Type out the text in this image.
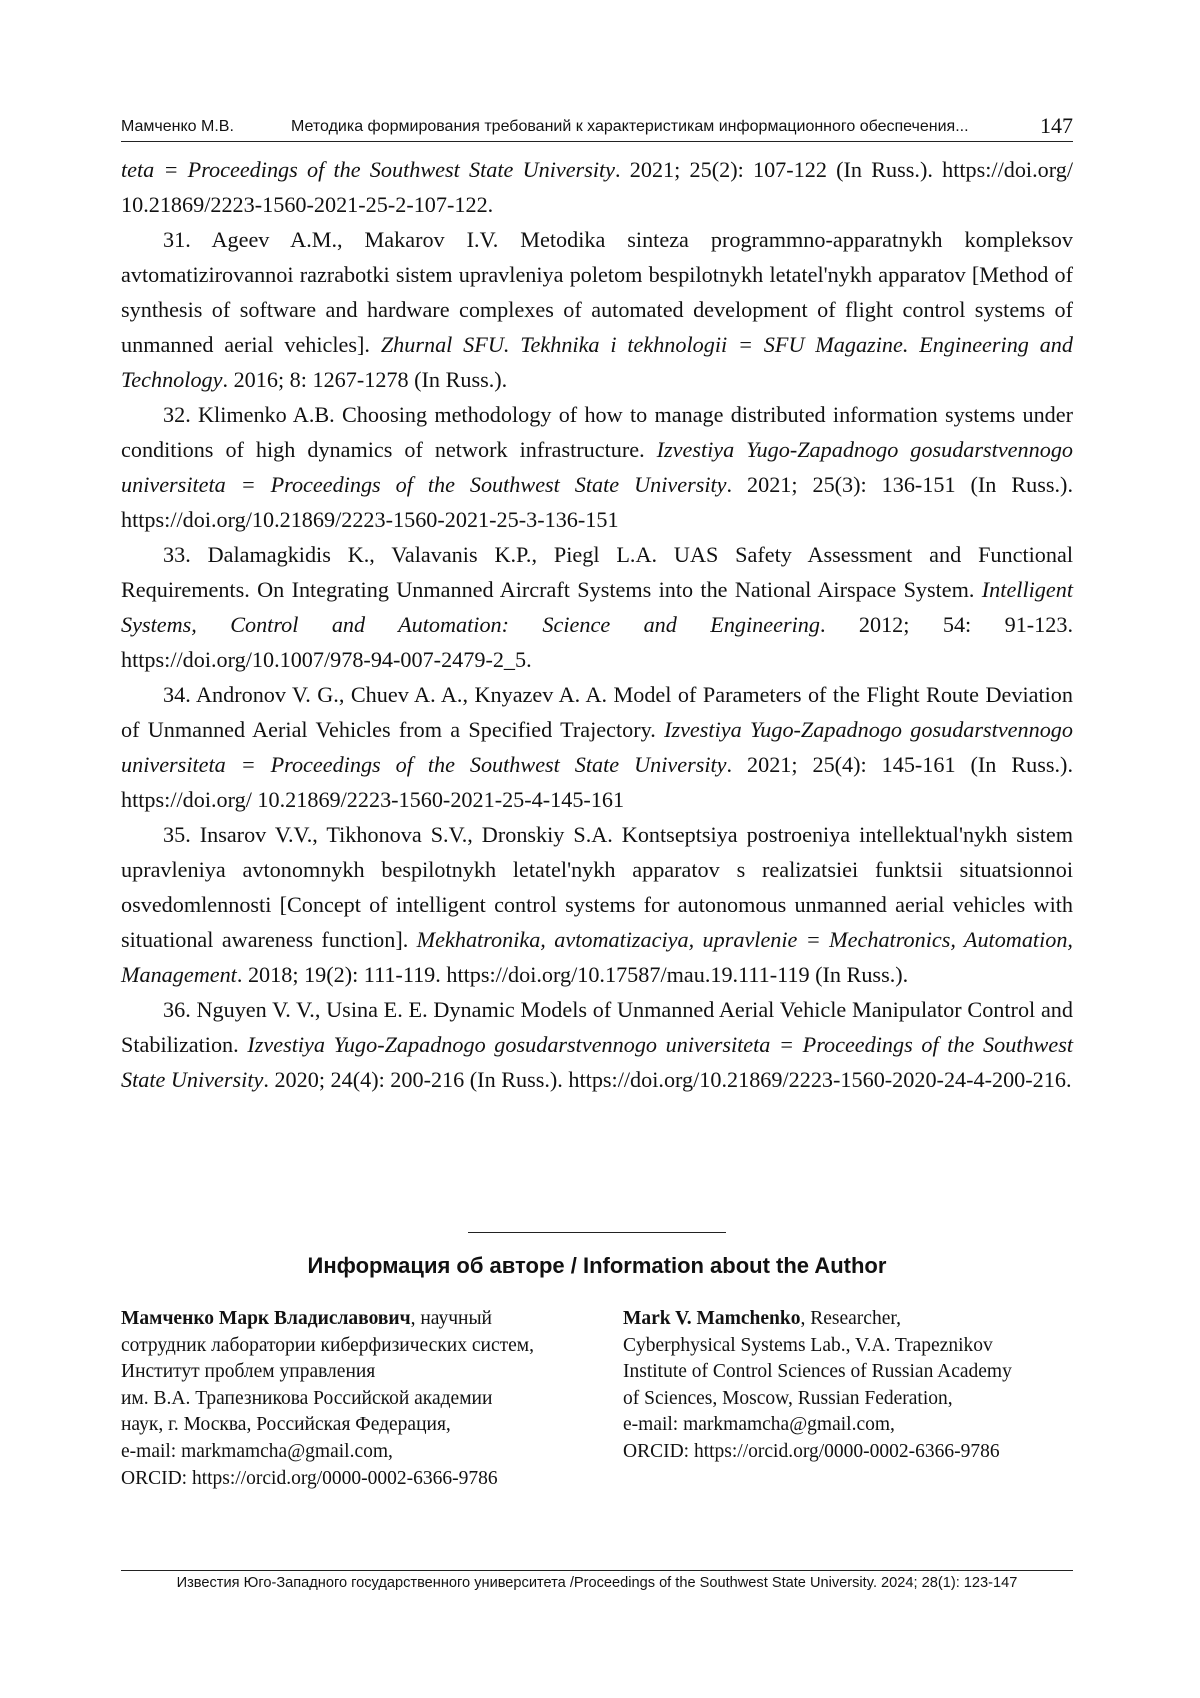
Мамченко М.В.	Методика формирования требований к характеристикам информационного обеспечения...	147

teta = Proceedings of the Southwest State University. 2021; 25(2): 107-122 (In Russ.). https://doi.org/ 10.21869/2223-1560-2021-25-2-107-122.

31. Ageev A.M., Makarov I.V. Metodika sinteza programmno-apparatnykh kompleksov avtomatizirovannoi razrabotki sistem upravleniya poletom bespilotnykh letatel'nykh apparatov [Method of synthesis of software and hardware complexes of automated development of flight control systems of unmanned aerial vehicles]. Zhurnal SFU. Tekhnika i tekhnologii = SFU Magazine. Engineering and Technology. 2016; 8: 1267-1278 (In Russ.).

32. Klimenko A.B. Choosing methodology of how to manage distributed information systems under conditions of high dynamics of network infrastructure. Izvestiya Yugo-Zapadnogo gosudarstvennogo universiteta = Proceedings of the Southwest State University. 2021; 25(3): 136-151 (In Russ.). https://doi.org/10.21869/2223-1560-2021-25-3-136-151

33. Dalamagkidis K., Valavanis K.P., Piegl L.A. UAS Safety Assessment and Functional Requirements. On Integrating Unmanned Aircraft Systems into the National Airspace System. Intelligent Systems, Control and Automation: Science and Engineering. 2012; 54: 91-123. https://doi.org/10.1007/978-94-007-2479-2_5.

34. Andronov V. G., Chuev A. A., Knyazev A. A. Model of Parameters of the Flight Route Deviation of Unmanned Aerial Vehicles from a Specified Trajectory. Izvestiya Yugo-Zapadnogo gosudarstvennogo universiteta = Proceedings of the Southwest State University. 2021; 25(4): 145-161 (In Russ.). https://doi.org/ 10.21869/2223-1560-2021-25-4-145-161

35. Insarov V.V., Tikhonova S.V., Dronskiy S.A. Kontseptsiya postroeniya intellektual'nykh sistem upravleniya avtonomnykh bespilotnykh letatel'nykh apparatov s realizatsiei funktsii situatsionnoi osvedomlennosti [Concept of intelligent control systems for autonomous unmanned aerial vehicles with situational awareness function]. Mekhatronika, avtomatizaciya, upravlenie = Mechatronics, Automation, Management. 2018; 19(2): 111-119. https://doi.org/10.17587/mau.19.111-119 (In Russ.).

36. Nguyen V. V., Usina E. E. Dynamic Models of Unmanned Aerial Vehicle Manipulator Control and Stabilization. Izvestiya Yugo-Zapadnogo gosudarstvennogo universiteta = Proceedings of the Southwest State University. 2020; 24(4): 200-216 (In Russ.). https://doi.org/10.21869/2223-1560-2020-24-4-200-216.

Информация об авторе / Information about the Author
Мамченко Марк Владиславович, научный
сотрудник лаборатории киберфизических систем,
Институт проблем управления
им. В.А. Трапезникова Российской академии
наук, г. Москва, Российская Федерация,
e-mail: markmamcha@gmail.com,
ORCID: https://orcid.org/0000-0002-6366-9786
Mark V. Mamchenko, Researcher,
Cyberphysical Systems Lab., V.A. Trapeznikov
Institute of Control Sciences of Russian Academy
of Sciences, Moscow, Russian Federation,
e-mail: markmamcha@gmail.com,
ORCID: https://orcid.org/0000-0002-6366-9786
Известия Юго-Западного государственного университета /Proceedings of the Southwest State University. 2024; 28(1): 123-147
